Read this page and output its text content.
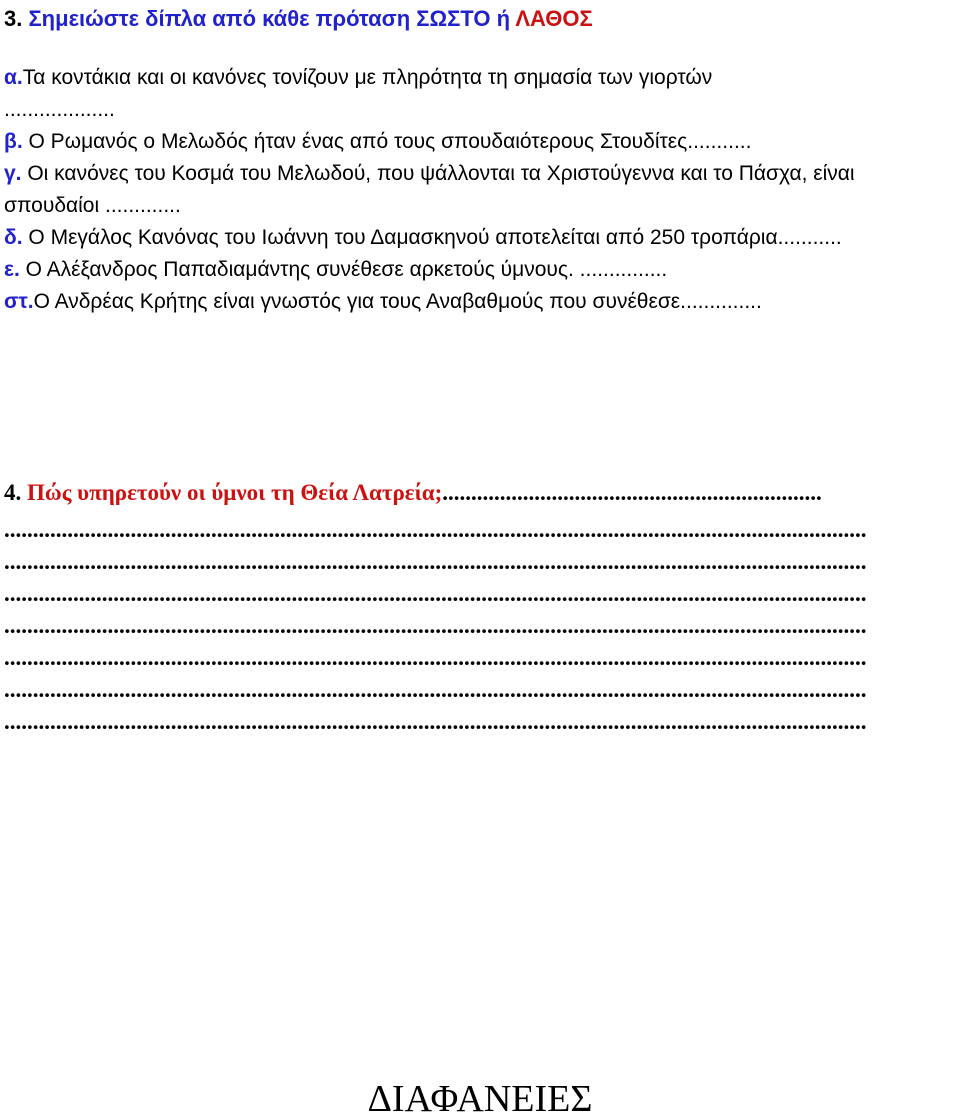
3. Σημειώστε δίπλα από κάθε πρόταση ΣΩΣΤΟ ή ΛΑΘΟΣ

α.Τα κοντάκια και οι κανόνες τονίζουν με πληρότητα τη σημασία των γιορτών
...................

β. Ο Ρωμανός ο Μελωδός ήταν ένας από τους σπουδαιότερους Στουδίτες...........

γ. Οι κανόνες του Κοσμά του Μελωδού, που ψάλλονται τα Χριστούγεννα και το Πάσχα, είναι σπουδαίοι .............

δ. Ο Μεγάλος Κανόνας του Ιωάννη του Δαμασκηνού αποτελείται από 250 τροπάρια...........

ε. Ο Αλέξανδρος Παπαδιαμάντης συνέθεσε αρκετούς ύμνους. ...............

στ.Ο Ανδρέας Κρήτης είναι γνωστός για τους Αναβαθμούς που συνέθεσε..............

4. Πώς υπηρετούν οι ύμνοι τη Θεία Λατρεία;..................................................................
......................................................................................................................................................
......................................................................................................................................................
......................................................................................................................................................
......................................................................................................................................................
......................................................................................................................................................
......................................................................................................................................................
......................................................................................................................................................
ΔΙΑΦΑΝΕΙΕΣ
